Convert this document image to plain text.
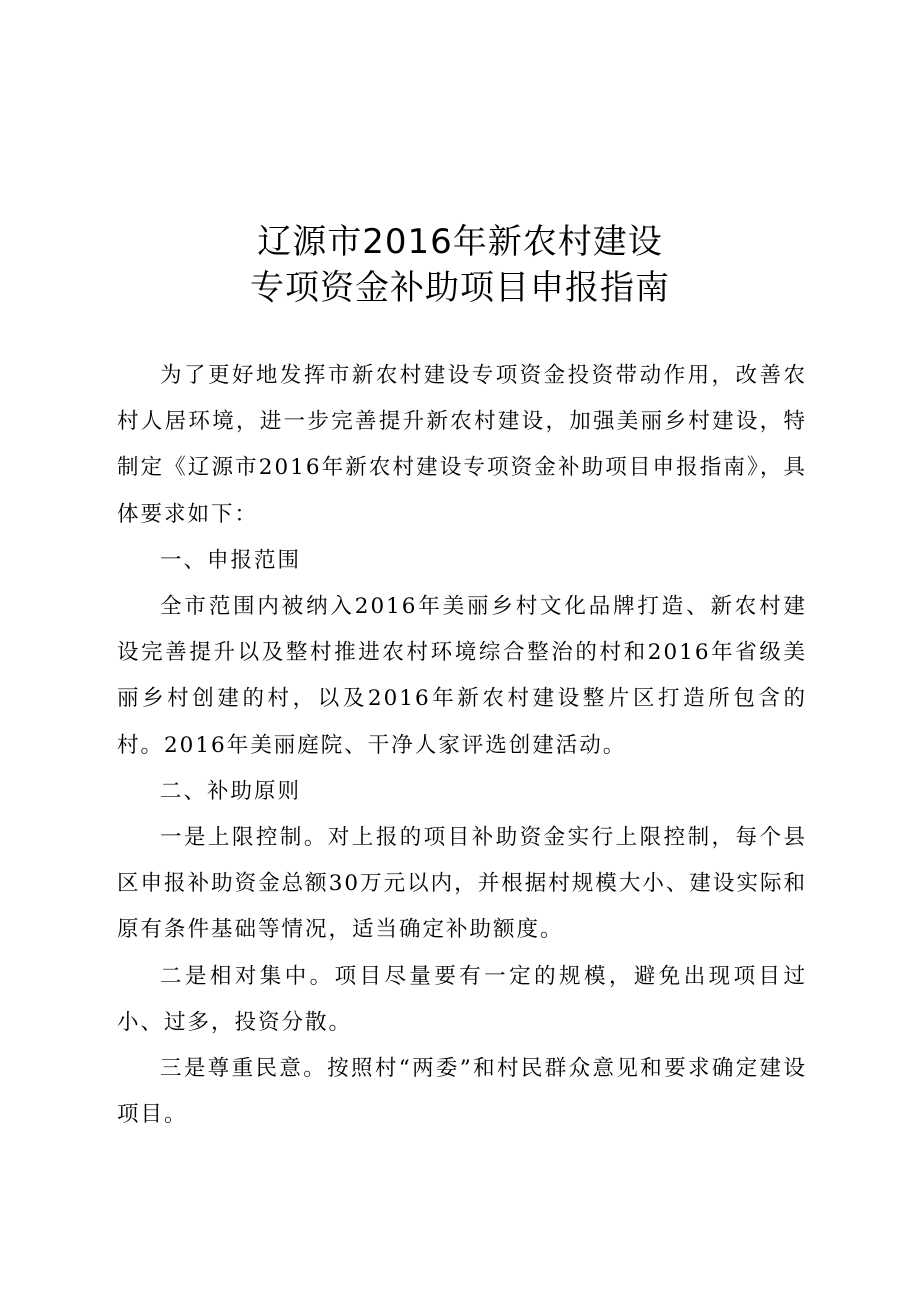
辽源市2016年新农村建设
专项资金补助项目申报指南

为了更好地发挥市新农村建设专项资金投资带动作用，改善农村人居环境，进一步完善提升新农村建设，加强美丽乡村建设，特制定《辽源市2016年新农村建设专项资金补助项目申报指南》，具体要求如下：

一、申报范围

全市范围内被纳入2016年美丽乡村文化品牌打造、新农村建设完善提升以及整村推进农村环境综合整治的村和2016年省级美丽乡村创建的村，以及2016年新农村建设整片区打造所包含的村。2016年美丽庭院、干净人家评选创建活动。

二、补助原则

一是上限控制。对上报的项目补助资金实行上限控制，每个县区申报补助资金总额30万元以内，并根据村规模大小、建设实际和原有条件基础等情况，适当确定补助额度。

二是相对集中。项目尽量要有一定的规模，避免出现项目过小、过多，投资分散。

三是尊重民意。按照村“两委”和村民群众意见和要求确定建设项目。
